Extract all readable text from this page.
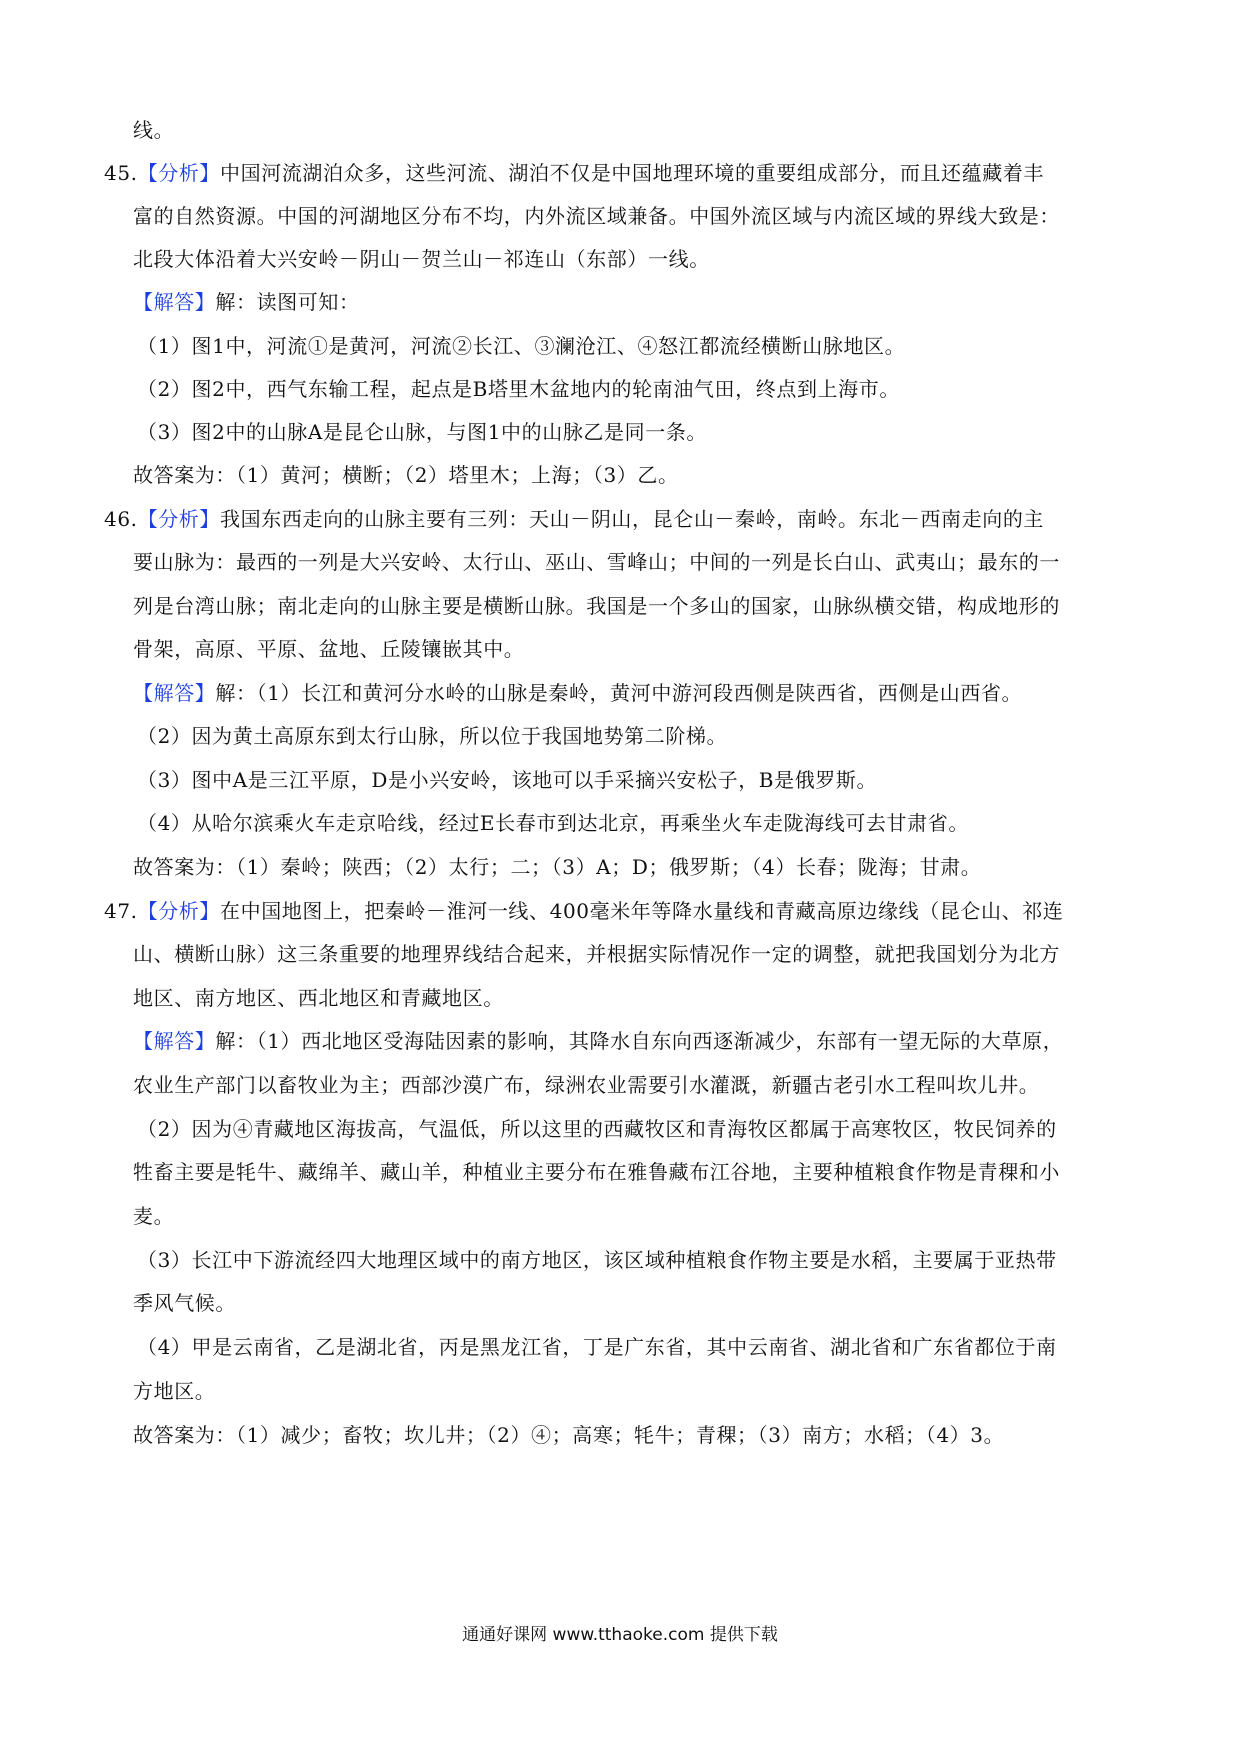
线。
45.【分析】中国河流湖泊众多，这些河流、湖泊不仅是中国地理环境的重要组成部分，而且还蕴藏着丰
富的自然资源。中国的河湖地区分布不均，内外流区域兼备。中国外流区域与内流区域的界线大致是：
北段大体沿着大兴安岭－阴山－贺兰山－祁连山（东部）一线。
【解答】解：读图可知：
（1）图1中，河流①是黄河，河流②长江、③澜沧江、④怒江都流经横断山脉地区。
（2）图2中，西气东输工程，起点是B塔里木盆地内的轮南油气田，终点到上海市。
（3）图2中的山脉A是昆仑山脉，与图1中的山脉乙是同一条。
故答案为：（1）黄河；横断；（2）塔里木；上海；（3）乙。
46.【分析】我国东西走向的山脉主要有三列：天山－阴山，昆仑山－秦岭，南岭。东北－西南走向的主
要山脉为：最西的一列是大兴安岭、太行山、巫山、雪峰山；中间的一列是长白山、武夷山；最东的一
列是台湾山脉；南北走向的山脉主要是横断山脉。我国是一个多山的国家，山脉纵横交错，构成地形的
骨架，高原、平原、盆地、丘陵镶嵌其中。
【解答】解：（1）长江和黄河分水岭的山脉是秦岭，黄河中游河段西侧是陕西省，西侧是山西省。
（2）因为黄土高原东到太行山脉，所以位于我国地势第二阶梯。
（3）图中A是三江平原，D是小兴安岭，该地可以手采摘兴安松子，B是俄罗斯。
（4）从哈尔滨乘火车走京哈线，经过E长春市到达北京，再乘坐火车走陇海线可去甘肃省。
故答案为：（1）秦岭；陕西；（2）太行；二；（3）A；D；俄罗斯；（4）长春；陇海；甘肃。
47.【分析】在中国地图上，把秦岭－淮河一线、400毫米年等降水量线和青藏高原边缘线（昆仑山、祁连
山、横断山脉）这三条重要的地理界线结合起来，并根据实际情况作一定的调整，就把我国划分为北方
地区、南方地区、西北地区和青藏地区。
【解答】解：（1）西北地区受海陆因素的影响，其降水自东向西逐渐减少，东部有一望无际的大草原，
农业生产部门以畜牧业为主；西部沙漠广布，绿洲农业需要引水灌溉，新疆古老引水工程叫坎儿井。
（2）因为④青藏地区海拔高，气温低，所以这里的西藏牧区和青海牧区都属于高寒牧区，牧民饲养的
牲畜主要是牦牛、藏绵羊、藏山羊，种植业主要分布在雅鲁藏布江谷地，主要种植粮食作物是青稞和小
麦。
（3）长江中下游流经四大地理区域中的南方地区，该区域种植粮食作物主要是水稻，主要属于亚热带
季风气候。
（4）甲是云南省，乙是湖北省，丙是黑龙江省，丁是广东省，其中云南省、湖北省和广东省都位于南
方地区。
故答案为：（1）减少；畜牧；坎儿井；（2）④；高寒；牦牛；青稞；（3）南方；水稻；（4）3。
通通好课网 www.tthaoke.com 提供下载
